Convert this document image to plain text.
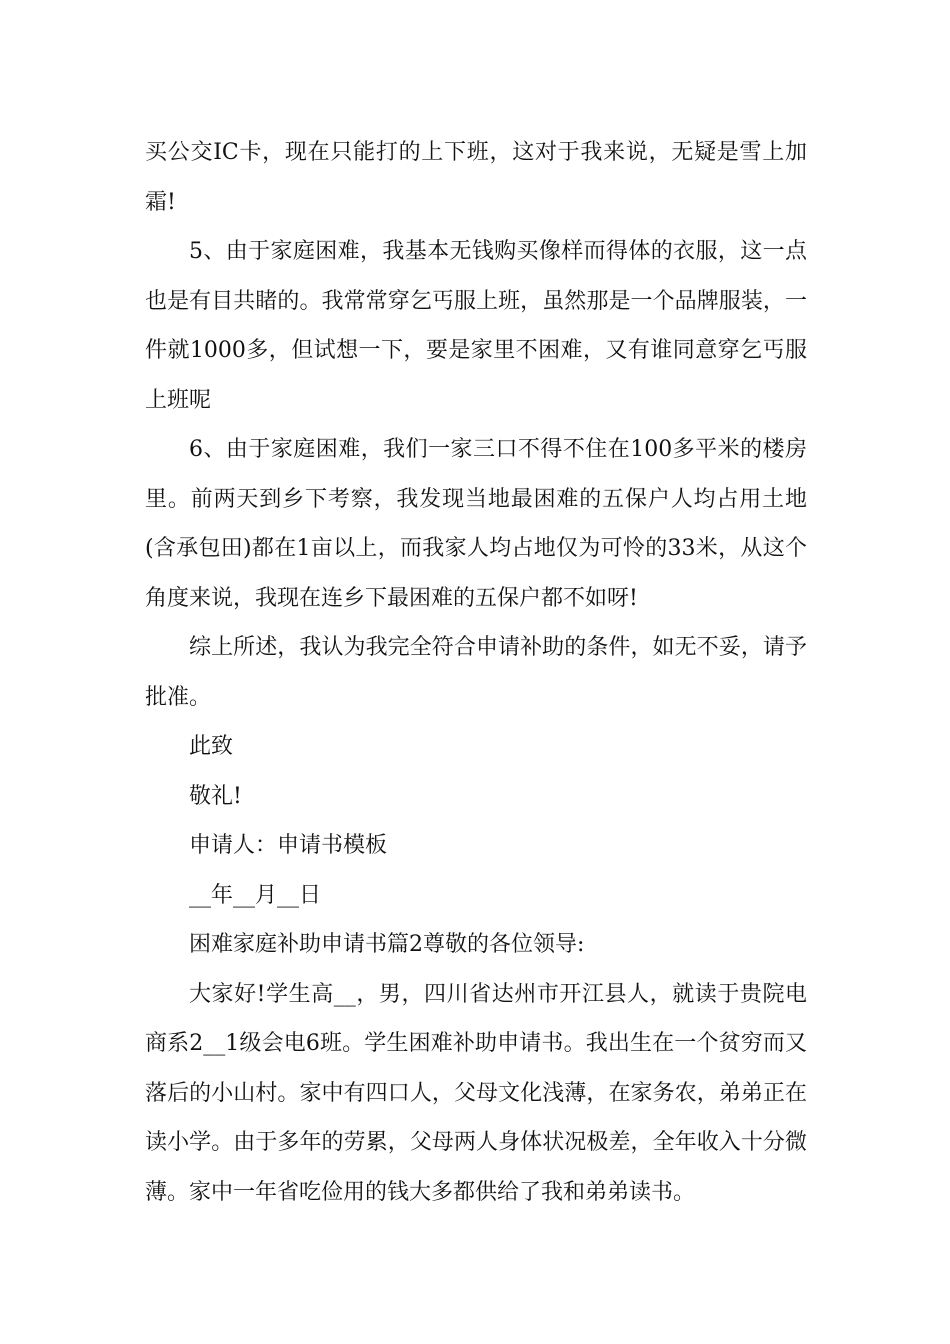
买公交IC卡，现在只能打的上下班，这对于我来说，无疑是雪上加霜!

5、由于家庭困难，我基本无钱购买像样而得体的衣服，这一点也是有目共睹的。我常常穿乞丐服上班，虽然那是一个品牌服装，一件就1000多，但试想一下，要是家里不困难，又有谁同意穿乞丐服上班呢

6、由于家庭困难，我们一家三口不得不住在100多平米的楼房里。前两天到乡下考察，我发现当地最困难的五保户人均占用土地(含承包田)都在1亩以上，而我家人均占地仅为可怜的33米，从这个角度来说，我现在连乡下最困难的五保户都不如呀!

综上所述，我认为我完全符合申请补助的条件，如无不妥，请予批准。

此致

敬礼!

申请人：申请书模板

__年__月__日

困难家庭补助申请书篇2尊敬的各位领导:

大家好!学生高__，男，四川省达州市开江县人，就读于贵院电商系2__1级会电6班。学生困难补助申请书。我出生在一个贫穷而又落后的小山村。家中有四口人，父母文化浅薄，在家务农，弟弟正在读小学。由于多年的劳累，父母两人身体状况极差，全年收入十分微薄。家中一年省吃俭用的钱大多都供给了我和弟弟读书。
